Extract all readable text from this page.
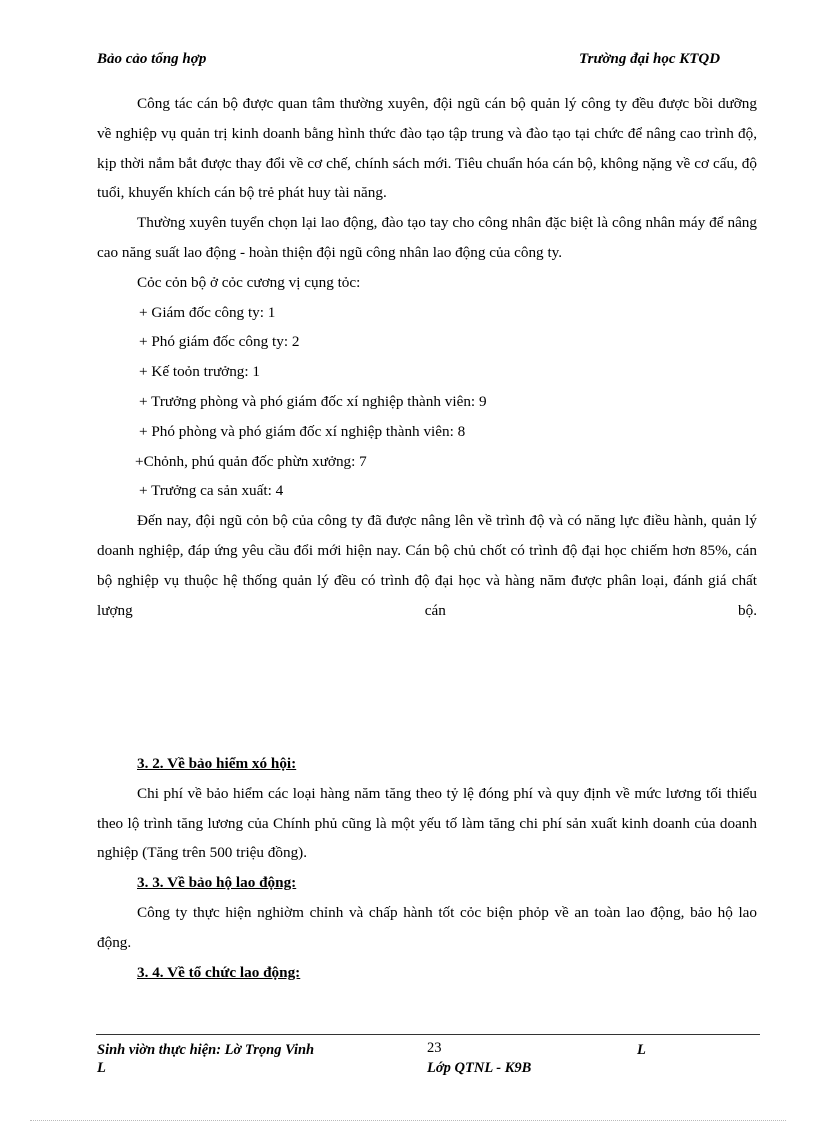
Bảo cảo tổng hợp	Trường đại học KTQD

Công tác cán bộ được quan tâm thường xuyên, đội ngũ cán bộ quản lý công ty đều được bồi dưỡng về nghiệp vụ quản trị kinh doanh bằng hình thức đào tạo tập trung và đào tạo tại chức để nâng cao trình độ, kịp thời nắm bắt được thay đổi về cơ chế, chính sách mới. Tiêu chuẩn hóa cán bộ, không nặng về cơ cấu, độ tuổi, khuyến khích cán bộ trẻ phát huy tài năng.

Thường xuyên tuyển chọn lại lao động, đào tạo tay cho công nhân đặc biệt là công nhân máy để nâng cao năng suất lao động - hoàn thiện đội ngũ công nhân lao động của công ty.

Cỏc cỏn bộ ở cỏc cương vị cụng tỏc:

+ Giám đốc công ty: 1

+ Phó giám đốc công ty: 2

+ Kế toỏn trưởng: 1

+ Trưởng phòng và phó giám đốc xí nghiệp thành viên: 9

+ Phó phòng và phó giám đốc xí nghiệp thành viên: 8

+Chỏnh, phú quản đốc phừn xưởng: 7

+ Trưởng ca sản xuất: 4

Đến nay, đội ngũ cỏn bộ của công ty đã được nâng lên về trình độ và có năng lực điều hành, quản lý doanh nghiệp, đáp ứng yêu cầu đổi mới hiện nay. Cán bộ chủ chốt có trình độ đại học chiếm hơn 85%, cán bộ nghiệp vụ thuộc hệ thống quản lý đều có trình độ đại học và hàng năm được phân loại, đánh giá chất lượng cán bộ.

3. 2. Về bảo hiểm xó hội:

Chi phí về bảo hiểm các loại hàng năm tăng theo tỷ lệ đóng phí và quy định về mức lương tối thiểu theo lộ trình tăng lương của Chính phủ cũng là một yếu tố làm tăng chi phí sản xuất kinh doanh của doanh nghiệp (Tăng trên 500 triệu đồng).

3. 3. Về bảo hộ lao động:

Công ty thực hiện nghiờm chỉnh và chấp hành tốt cỏc biện phỏp về an toàn lao động, bảo hộ lao động.

3. 4. Về tổ chức lao động:

Sinh viờn thực hiện: Lờ Trọng Vinh	23	L
L	Lớp QTNL - K9B
